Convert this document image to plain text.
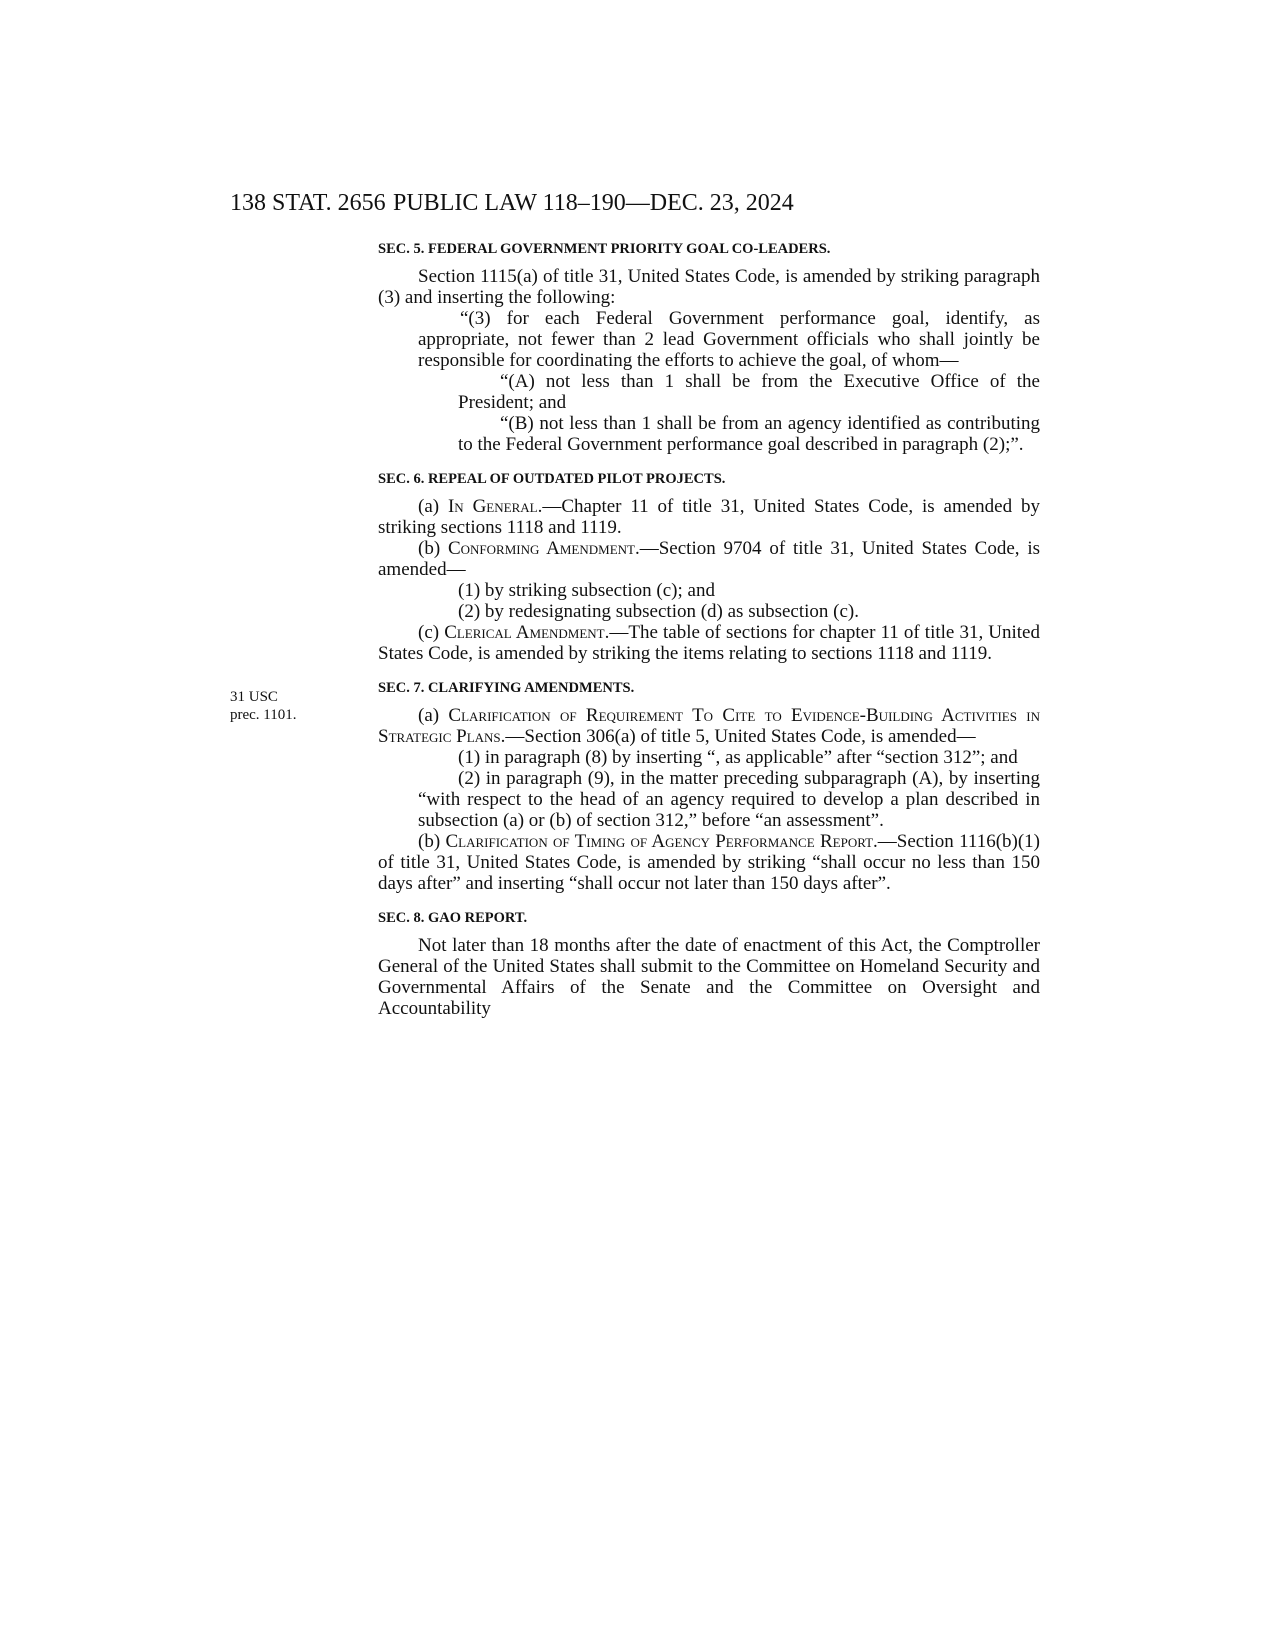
138 STAT. 2656 PUBLIC LAW 118–190—DEC. 23, 2024
31 USC
prec. 1101.
SEC. 5. FEDERAL GOVERNMENT PRIORITY GOAL CO-LEADERS.

Section 1115(a) of title 31, United States Code, is amended by striking paragraph (3) and inserting the following:

“(3) for each Federal Government performance goal, identify, as appropriate, not fewer than 2 lead Government officials who shall jointly be responsible for coordinating the efforts to achieve the goal, of whom—

“(A) not less than 1 shall be from the Executive Office of the President; and

“(B) not less than 1 shall be from an agency identified as contributing to the Federal Government performance goal described in paragraph (2);”.

SEC. 6. REPEAL OF OUTDATED PILOT PROJECTS.

(a) In General.—Chapter 11 of title 31, United States Code, is amended by striking sections 1118 and 1119.

(b) Conforming Amendment.—Section 9704 of title 31, United States Code, is amended—

(1) by striking subsection (c); and

(2) by redesignating subsection (d) as subsection (c).

(c) Clerical Amendment.—The table of sections for chapter 11 of title 31, United States Code, is amended by striking the items relating to sections 1118 and 1119.

SEC. 7. CLARIFYING AMENDMENTS.

(a) Clarification of Requirement To Cite to Evidence-Building Activities in Strategic Plans.—Section 306(a) of title 5, United States Code, is amended—

(1) in paragraph (8) by inserting “, as applicable” after “section 312”; and

(2) in paragraph (9), in the matter preceding subparagraph (A), by inserting “with respect to the head of an agency required to develop a plan described in subsection (a) or (b) of section 312,” before “an assessment”.

(b) Clarification of Timing of Agency Performance Report.—Section 1116(b)(1) of title 31, United States Code, is amended by striking “shall occur no less than 150 days after” and inserting “shall occur not later than 150 days after”.

SEC. 8. GAO REPORT.

Not later than 18 months after the date of enactment of this Act, the Comptroller General of the United States shall submit to the Committee on Homeland Security and Governmental Affairs of the Senate and the Committee on Oversight and Accountability
